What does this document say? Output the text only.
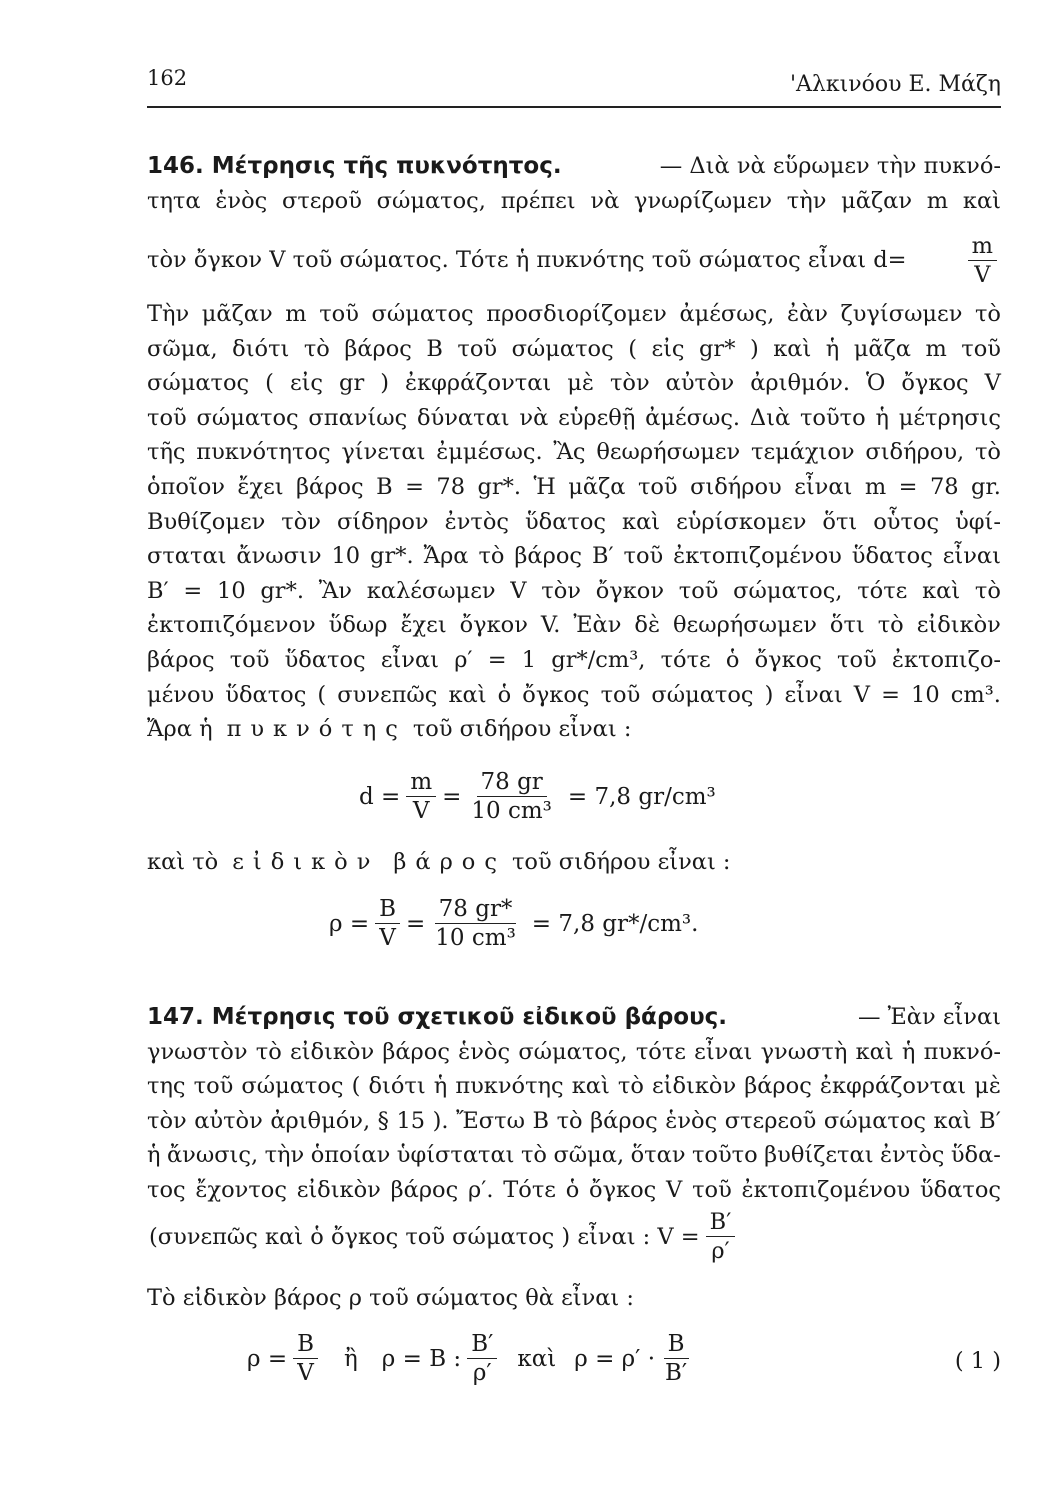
162	'Αλκινόου Ε. Μάζη
146. Μέτρησις τῆς πυκνότητος.	— Διὰ νὰ εὕρωμεν τὴν πυκνό-
τητα ἑνὸς στεροῦ σώματος, πρέπει νὰ γνωρίζωμεν τὴν μᾶζαν m καὶ
τὸν ὄγκον V τοῦ σώματος. Τότε ἡ πυκνότης τοῦ σώματος εἶναι d=	$\frac{m}{V}$
Τὴν μᾶζαν m τοῦ σώματος προσδιορίζομεν ἀμέσως, ἐὰν ζυγίσωμεν τὸ
σῶμα, διότι τὸ βάρος B τοῦ σώματος ( εἰς gr* ) καὶ ἡ μᾶζα m τοῦ
σώματος ( εἰς gr ) ἐκφράζονται μὲ τὸν αὐτὸν ἀριθμόν. Ὁ ὄγκος V
τοῦ σώματος σπανίως δύναται νὰ εὑρεθῇ ἀμέσως. Διὰ τοῦτο ἡ μέτρησις
τῆς πυκνότητος γίνεται ἐμμέσως. Ἂς θεωρήσωμεν τεμάχιον σιδήρου, τὸ
ὁποῖον ἔχει βάρος B = 78 gr*. Ἡ μᾶζα τοῦ σιδήρου εἶναι m = 78 gr.
Βυθίζομεν τὸν σίδηρον ἐντὸς ὕδατος καὶ εὑρίσκομεν ὅτι οὗτος ὑφί-
σταται ἄνωσιν 10 gr*. Ἄρα τὸ βάρος B′ τοῦ ἐκτοπιζομένου ὕδατος εἶναι
B′ = 10 gr*. Ἂν καλέσωμεν V τὸν ὄγκον τοῦ σώματος, τότε καὶ τὸ
ἐκτοπιζόμενον ὕδωρ ἔχει ὄγκον V. Ἐὰν δὲ θεωρήσωμεν ὅτι τὸ εἰδικὸν
βάρος τοῦ ὕδατος εἶναι ρ′ = 1 gr*/cm³, τότε ὁ ὄγκος τοῦ ἐκτοπιζο-
μένου ὕδατος ( συνεπῶς καὶ ὁ ὄγκος τοῦ σώματος ) εἶναι V = 10 cm³.
Ἄρα ἡ πυκνότης τοῦ σιδήρου εἶναι :
$d = \frac{m}{V} = \frac{78 gr}{\text{10 cm³}} = 7,8$ gr/cm³
καὶ τὸ εἰδικὸν βάρος τοῦ σιδήρου εἶναι :
$\rho = \frac{B}{V} = \frac{78 gr*}{\text{10 cm³}} = 7,8$ gr*/cm³.
147. Μέτρησις τοῦ σχετικοῦ εἰδικοῦ βάρους.	— Ἐὰν εἶναι
γνωστὸν τὸ εἰδικὸν βάρος ἑνὸς σώματος, τότε εἶναι γνωστὴ καὶ ἡ πυκνό-
της τοῦ σώματος ( διότι ἡ πυκνότης καὶ τὸ εἰδικὸν βάρος ἐκφράζονται μὲ
τὸν αὐτὸν ἀριθμόν, § 15 ). Ἔστω B τὸ βάρος ἑνὸς στερεοῦ σώματος καὶ B′
ἡ ἄνωσις, τὴν ὁποίαν ὑφίσταται τὸ σῶμα, ὅταν τοῦτο βυθίζεται ἐντὸς ὕδα-
τος ἔχοντος εἰδικὸν βάρος ρ′. Τότε ὁ ὄγκος V τοῦ ἐκτοπιζομένου ὕδατος
(συνεπῶς καὶ ὁ ὄγκος τοῦ σώματος ) εἶναι : $V = \frac{B'}{\rho'}$
Τὸ εἰδικὸν βάρος ρ τοῦ σώματος θὰ εἶναι :
$\rho = \frac{B}{V}$ ἢ ρ = B : $\frac{B'}{\rho'}$ καὶ $\rho = \rho' \cdot \frac{B}{B'}$	( 1 )
